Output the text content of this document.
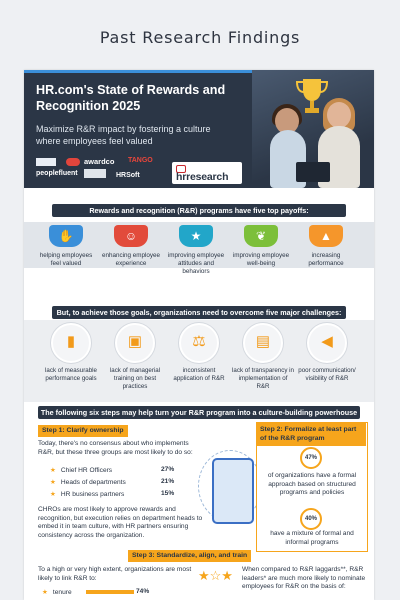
Past Research Findings
HR.com's State of Rewards and Recognition 2025
Maximize R&R impact by fostering a culture where employees feel valued
awardco TANGO
peoplefluent	HRSoft	hrresearch
Rewards and recognition (R&R) programs have five top payoffs:
✋
helping employees feel valued
☺
enhancing employee experience
★
improving employee attitudes and behaviors
❦
improving employee well-being
▲
increasing performance
But, to achieve those goals, organizations need to overcome five major challenges:
▮
lack of measurable performance goals
▣
lack of managerial training on best practices
⚖
inconsistent application of R&R
▤
lack of transparency in implementation of R&R
◀
poor communication/ visibility of R&R
The following six steps may help turn your R&R program into a culture-building powerhouse
Step 1: Clarify ownership
Today, there's no consensus about who implements R&R, but these three groups are most likely to do so:
★ Chief HR Officers	27%
★ Heads of departments	21%
★ HR business partners	15%
CHROs are most likely to approve rewards and recognition, but execution relies on department heads to embed it in team culture, with HR partners ensuring consistency across the organization.
Step 2: Formalize at least part of the R&R program
47%
of organizations have a formal approach based on structured programs and policies
40%
have a mixture of formal and informal programs
Step 3: Standardize, align, and train
To a high or very high extent, organizations are most likely to link R&R to:
★ tenure	74%
★☆★ When compared to R&R laggards**, R&R leaders* are much more likely to nominate employees for R&R on the basis of:
